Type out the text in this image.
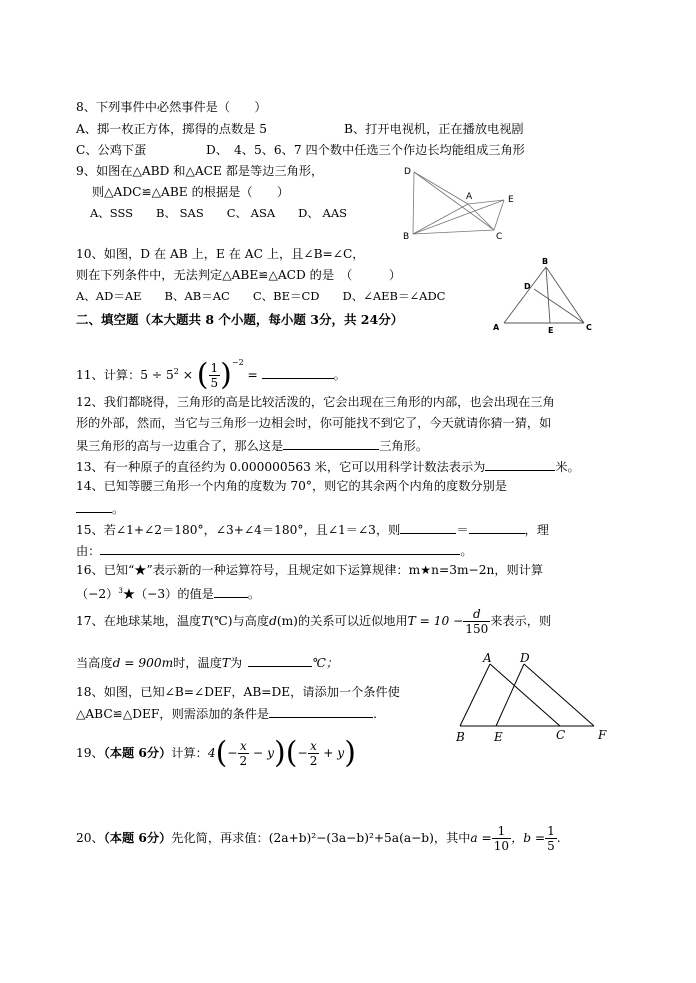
8、下列事件中必然事件是（　　）
A、掷一枚正方体，掷得的点数是 5	B、打开电视机，正在播放电视剧
C、公鸡下蛋	D、　4、5、6、7 四个数中任选三个作边长均能组成三角形
9、如图在△ABD 和△ACE 都是等边三角形，
则△ADC≌△ABE 的根据是（　　）
A、SSS　　B、 SAS　　C、 ASA　　D、 AAS
D
A	E
B	C
10、如图，D 在 AB 上，E 在 AC 上，且∠B=∠C，
则在下列条件中，无法判定△ABE≌△ACD 的是　（　　　）
A、AD＝AE　　B、AB＝AC　　C、BE＝CD　　D、∠AEB＝∠ADC
B
D
A	E	C
二、填空题（本大题共 8 个小题，每小题 3分，共 24分）
11、计算：$5 \div 5^2$ × ( $\frac{1}{5} )^{-2}$ =	。
12、我们都晓得，三角形的高是比较活泼的，它会出现在三角形的内部，也会出现在三角
形的外部，然而，当它与三角形一边相会时，你可能找不到它了，今天就请你猜一猜，如
果三角形的高与一边重合了，那么这是	三角形。
13、有一种原子的直径约为 0.000000563 米，它可以用科学计数法表示为	米。
14、已知等腰三角形一个内角的度数为 70°，则它的其余两个内角的度数分别是
。
15、若∠1+∠2＝180°，∠3+∠4＝180°，且∠1＝∠3，则	＝	，理
由：	。
16、已知“★”表示新的一种运算符号，且规定如下运算规律：m★n=3m−2n，则计算
$(-2)^3★(-3)$的值是	。
17、在地球某地，温度T(℃)与高度d(m)的关系可以近似地用$T = 10 - \frac{d}{150}$ 来表示，则
当高度d = 900m时，温度T为	℃；	A D
B E	C	F
18、如图，已知∠B=∠DEF，AB=DE，请添加一个条件使
△ABC≌△DEF，则需添加的条件是	.
19、（本题 6分）计算：$4(- \frac{x}{2} - y)(- \frac{x}{2} + y)$
20、（本题 6分）先化简，再求值：(2a+b)²−(3a−b)²+5a(a−b)，其中$a = \frac{1}{10}$ ，$b = \frac{1}{5}$ .
